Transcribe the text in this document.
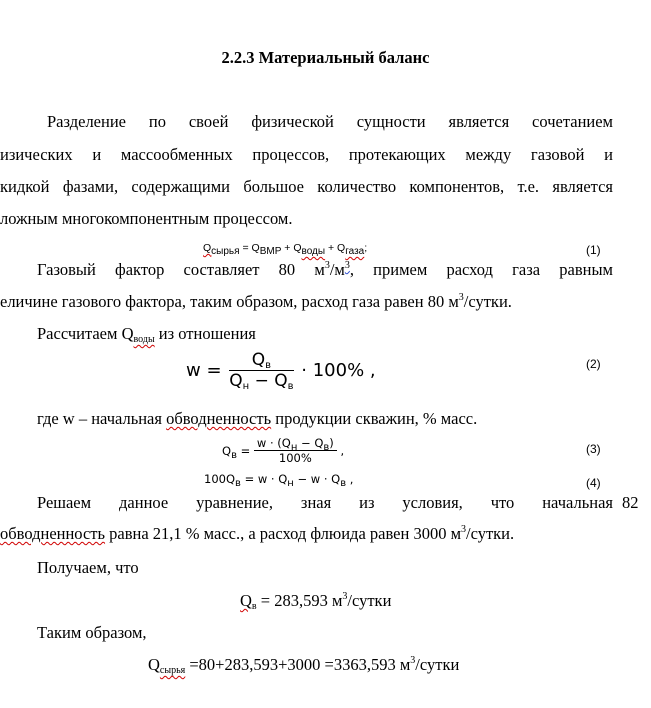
2.2.3 Материальный баланс
Разделение по своей физической сущности является сочетанием
изических и массообменных процессов, протекающих между газовой и
кидкой фазами, содержащими большое количество компонентов, т.е. является
ложным многокомпонентным процессом.
$Q_{сырья} = Q_{ВМР} + Q_{воды} + Q_{газа}$;	(1)
Газовый фактор составляет 80 $м^3/м^3$, примем расход газа равным
еличине газового фактора, таким образом, расход газа равен 80 $м^3$/сутки.
Рассчитаем $Q_{воды}$ из отношения
$w = \frac{Q_в}{Q_н - Q_в} \cdot 100\%$ ,	(2)
где w – начальная обводненность продукции скважин, % масс.
$Q_в = \frac{w \cdot (Q_н - Q_в)}{100\%}$ ,	(3)
$100Q_в = w \cdot Q_н - w \cdot Q_в$ ,	(4)
Решаем данное уравнение, зная из условия, что начальная 82
обводненность равна 21,1 % масс., а расход флюида равен 3000 $м^3$/сутки.
Получаем, что
$Q_в = 283,593$ $м^3$/сутки
Таким образом,
$Q_{сырья} =80+283,593+3000 =3363,593$ $м^3$/сутки
